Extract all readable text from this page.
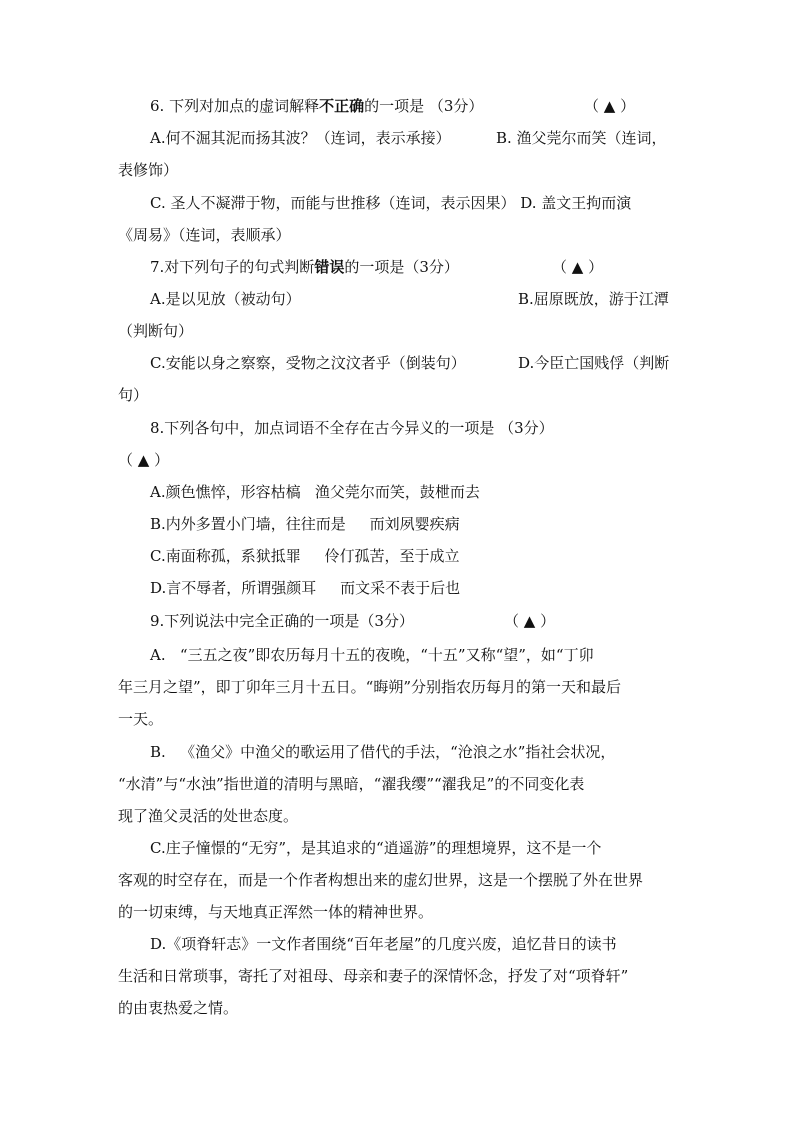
6. 下列对加点的虚词解释不正确的一项是 （3分）	（ ▲ ）
A.何不淈其泥而扬其波？（连词，表示承接）	B. 渔父莞尔而笑（连词，
表修饰）
C. 圣人不凝滞于物，而能与世推移（连词，表示因果） D. 盖文王拘而演
《周易》（连词，表顺承）
7.对下列句子的句式判断错误的一项是（3分）	（ ▲ ）
A.是以见放（被动句）	B.屈原既放，游于江潭
（判断句）
C.安能以身之察察，受物之汶汶者乎（倒装句）	D.今臣亡国贱俘（判断
句）
8.下列各句中，加点词语不全存在古今异义的一项是 （3分）
（ ▲ ）
A.颜色憔悴，形容枯槁   渔父莞尔而笑，鼓枻而去
B.内外多置小门墙，往往而是     而刘夙婴疾病
C.南面称孤，系狱抵罪     伶仃孤苦，至于成立
D.言不辱者，所谓强颜耳     而文采不表于后也
9.下列说法中完全正确的一项是（3分）	（ ▲ ）
A.   “三五之夜”即农历每月十五的夜晚，“十五”又称“望”，如“丁卯
年三月之望”，即丁卯年三月十五日。“晦朔”分别指农历每月的第一天和最后
一天。
B.   《渔父》中渔父的歌运用了借代的手法，“沧浪之水”指社会状况，
“水清”与“水浊”指世道的清明与黑暗，“濯我缨”“濯我足”的不同变化表
现了渔父灵活的处世态度。
C.庄子憧憬的“无穷”，是其追求的“逍遥游”的理想境界，这不是一个
客观的时空存在，而是一个作者构想出来的虚幻世界，这是一个摆脱了外在世界
的一切束缚，与天地真正浑然一体的精神世界。
D.《项脊轩志》一文作者围绕“百年老屋”的几度兴废，追忆昔日的读书
生活和日常琐事，寄托了对祖母、母亲和妻子的深情怀念，抒发了对“项脊轩”
的由衷热爱之情。
